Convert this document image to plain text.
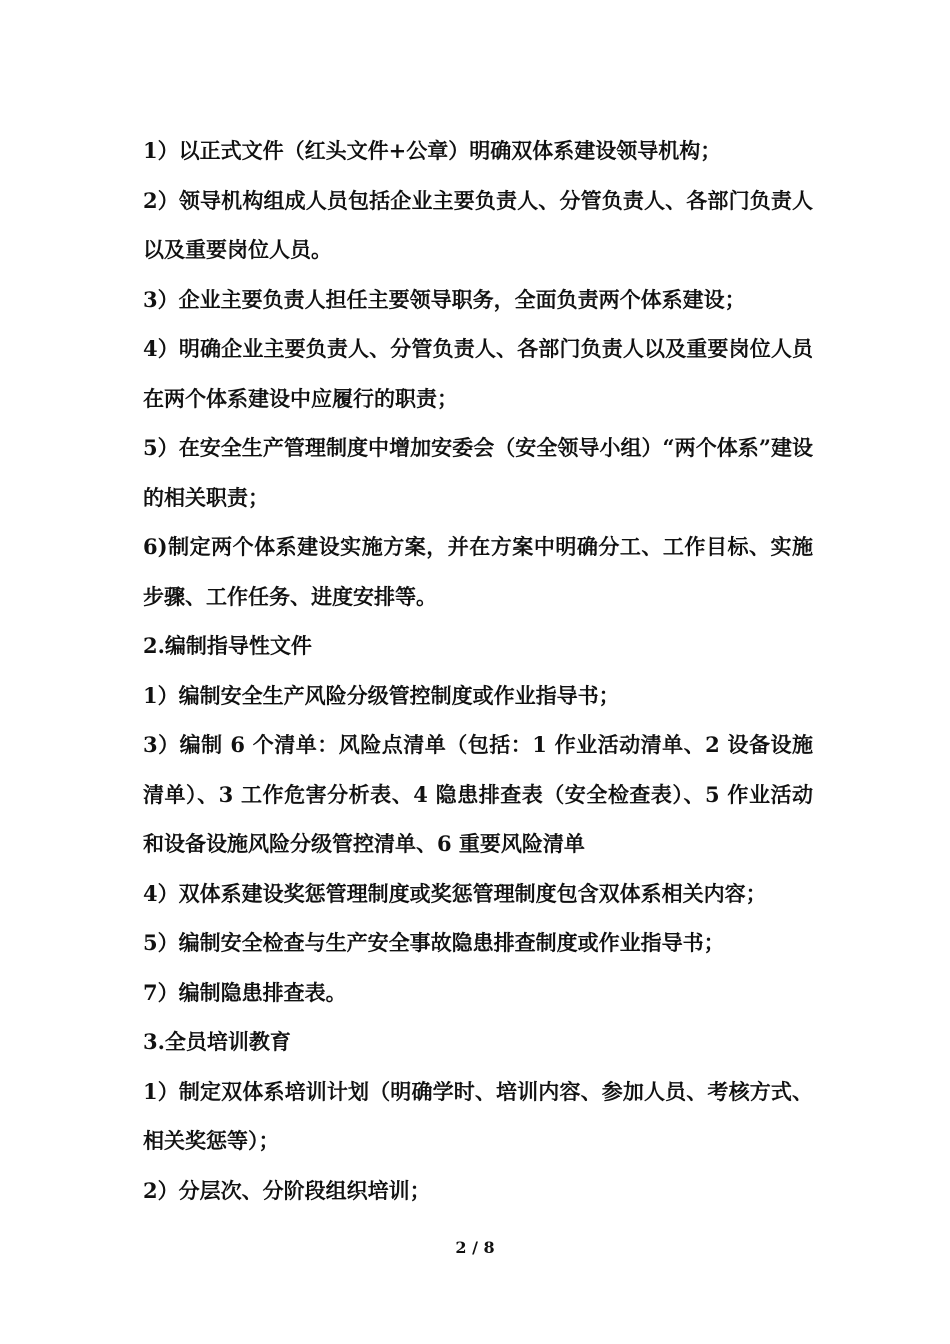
1）以正式文件（红头文件+公章）明确双体系建设领导机构；

2）领导机构组成人员包括企业主要负责人、分管负责人、各部门负责人以及重要岗位人员。

3）企业主要负责人担任主要领导职务，全面负责两个体系建设；

4）明确企业主要负责人、分管负责人、各部门负责人以及重要岗位人员在两个体系建设中应履行的职责；

5）在安全生产管理制度中增加安委会（安全领导小组）“两个体系”建设的相关职责；

6)制定两个体系建设实施方案，并在方案中明确分工、工作目标、实施步骤、工作任务、进度安排等。

2.编制指导性文件

1）编制安全生产风险分级管控制度或作业指导书；

3）编制 6 个清单：风险点清单（包括：1 作业活动清单、2 设备设施清单）、3 工作危害分析表、4 隐患排查表（安全检查表）、5 作业活动和设备设施风险分级管控清单、6 重要风险清单

4）双体系建设奖惩管理制度或奖惩管理制度包含双体系相关内容；

5）编制安全检查与生产安全事故隐患排查制度或作业指导书；

7）编制隐患排查表。

3.全员培训教育

1）制定双体系培训计划（明确学时、培训内容、参加人员、考核方式、相关奖惩等）；

2）分层次、分阶段组织培训；

2 / 8
